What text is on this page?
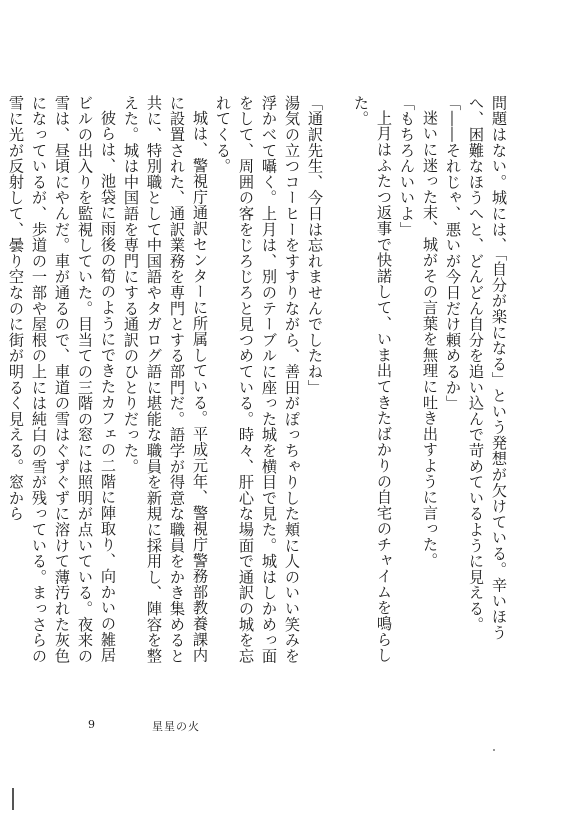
問題はない。城には、「自分が楽になる」という発想が欠けている。辛いほうへ、困難なほうへと、どんどん自分を追い込んで苛めているように見える。

「――それじゃ、悪いが今日だけ頼めるか」

迷いに迷った末、城がその言葉を無理に吐き出すように言った。

「もちろんいいよ」

上月はふたつ返事で快諾して、いま出てきたばかりの自宅のチャイムを鳴らした。

「通訳先生、今日は忘れませんでしたね」

湯気の立つコーヒーをすすりながら、善田がぽっちゃりした頬に人のいい笑みを浮かべて囁く。上月は、別のテーブルに座った城を横目で見た。城はしかめっ面をして、周囲の客をじろじろと見つめている。時々、肝心な場面で通訳の城を忘れてくる。

城は、警視庁通訳センターに所属している。平成元年、警視庁警務部教養課内に設置された、通訳業務を専門とする部門だ。語学が得意な職員をかき集めると共に、特別職として中国語やタガログ語に堪能な職員を新規に採用し、陣容を整えた。城は中国語を専門にする通訳のひとりだった。

彼らは、池袋に雨後の筍のようにできたカフェの二階に陣取り、向かいの雑居ビルの出入りを監視していた。目当ての三階の窓には照明が点いている。夜来の雪は、昼頃にやんだ。車が通るので、車道の雪はぐずぐずに溶けて薄汚れた灰色になっているが、歩道の一部や屋根の上には純白の雪が残っている。まっさらの雪に光が反射して、曇り空なのに街が明るく見える。窓から

9	星星の火
